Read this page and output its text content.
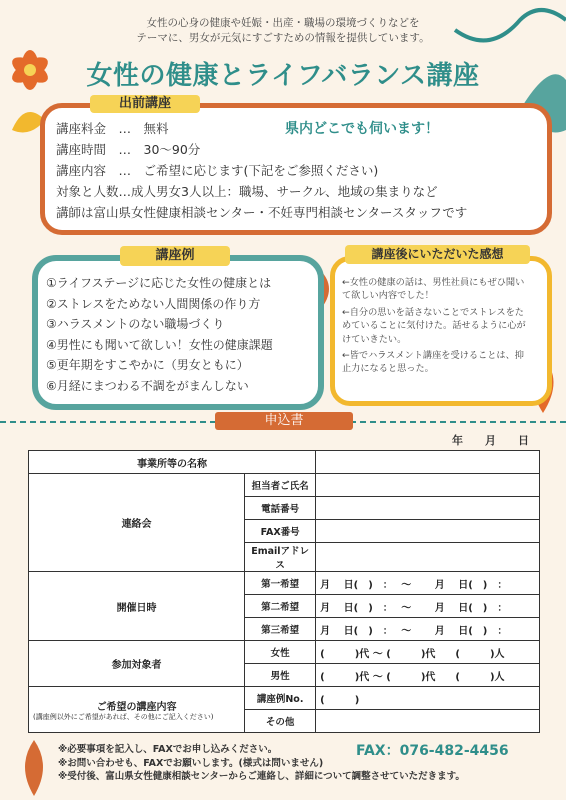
女性の心身の健康や妊娠・出産・職場の環境づくりなどを
テーマに、男女が元気にすごすための情報を提供しています。
女性の健康とライフバランス講座
出前講座
講座料金　…　無料
講座時間　…　30〜90分
講座内容　…　ご希望に応じます(下記をご参照ください)
対象と人数…成人男女3人以上：職場、サークル、地域の集まりなど
講師は富山県女性健康相談センター・不妊専門相談センタースタッフです
県内どこでも伺います！
講座例
①ライフステージに応じた女性の健康とは
②ストレスをためない人間関係の作り方
③ハラスメントのない職場づくり
④男性にも聞いて欲しい！女性の健康課題
⑤更年期をすこやかに（男女ともに）
⑥月経にまつわる不調をがまんしない
講座後にいただいた感想
←女性の健康の話は、男性社員にもぜひ聞いて欲しい内容でした！
←自分の思いを話さないことでストレスをためていることに気付けた。話せるように心がけていきたい。
←皆でハラスメント講座を受けることは、抑止力になると思った。
申込書
年　　月　　日
事業所等の名称		
連絡会	担当者ご氏名	
	電話番号	
	FAX番号	
	Emailアドレス	
開催日時	第一希望	月　 日(　)　：　 〜　　 月　 日(　)　：
	第二希望	月　 日(　)　：　 〜　　 月　 日(　)　：
	第三希望	月　 日(　)　：　 〜　　 月　 日(　)　：
参加対象者	女性	(　　　)代 〜 (　　　)代　　(　　　)人
	男性	(　　　)代 〜 (　　　)代　　(　　　)人
ご希望の講座内容
(講座例以外にご希望があれば、その他にご記入ください)	講座例No.	(　　　)
	その他	
FAX：076-482-4456
※必要事項を記入し、FAXでお申し込みください。
※お問い合わせも、FAXでお願いします。(様式は問いません)
※受付後、富山県女性健康相談センターからご連絡し、詳細について調整させていただきます。
